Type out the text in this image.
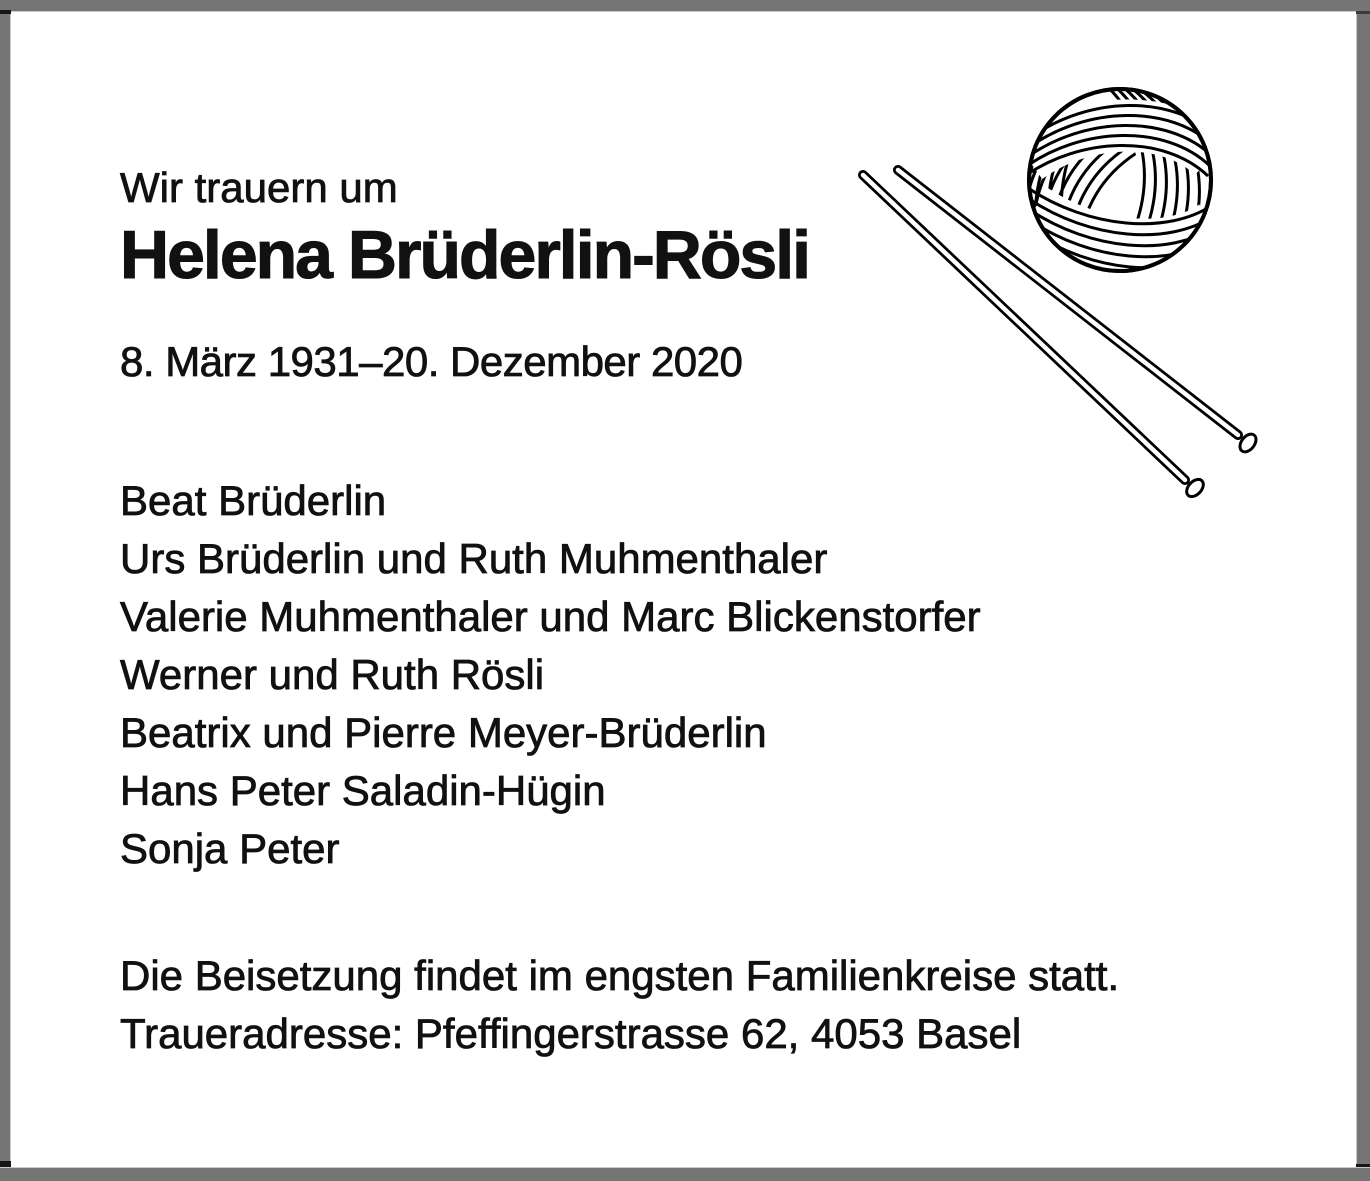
Wir trauern um
Helena Brüderlin-Rösli
8. März 1931–20. Dezember 2020
Beat Brüderlin
Urs Brüderlin und Ruth Muhmenthaler
Valerie Muhmenthaler und Marc Blickenstorfer
Werner und Ruth Rösli
Beatrix und Pierre Meyer-Brüderlin
Hans Peter Saladin-Hügin
Sonja Peter
Die Beisetzung findet im engsten Familienkreise statt.
Traueradresse: Pfeffingerstrasse 62, 4053 Basel
